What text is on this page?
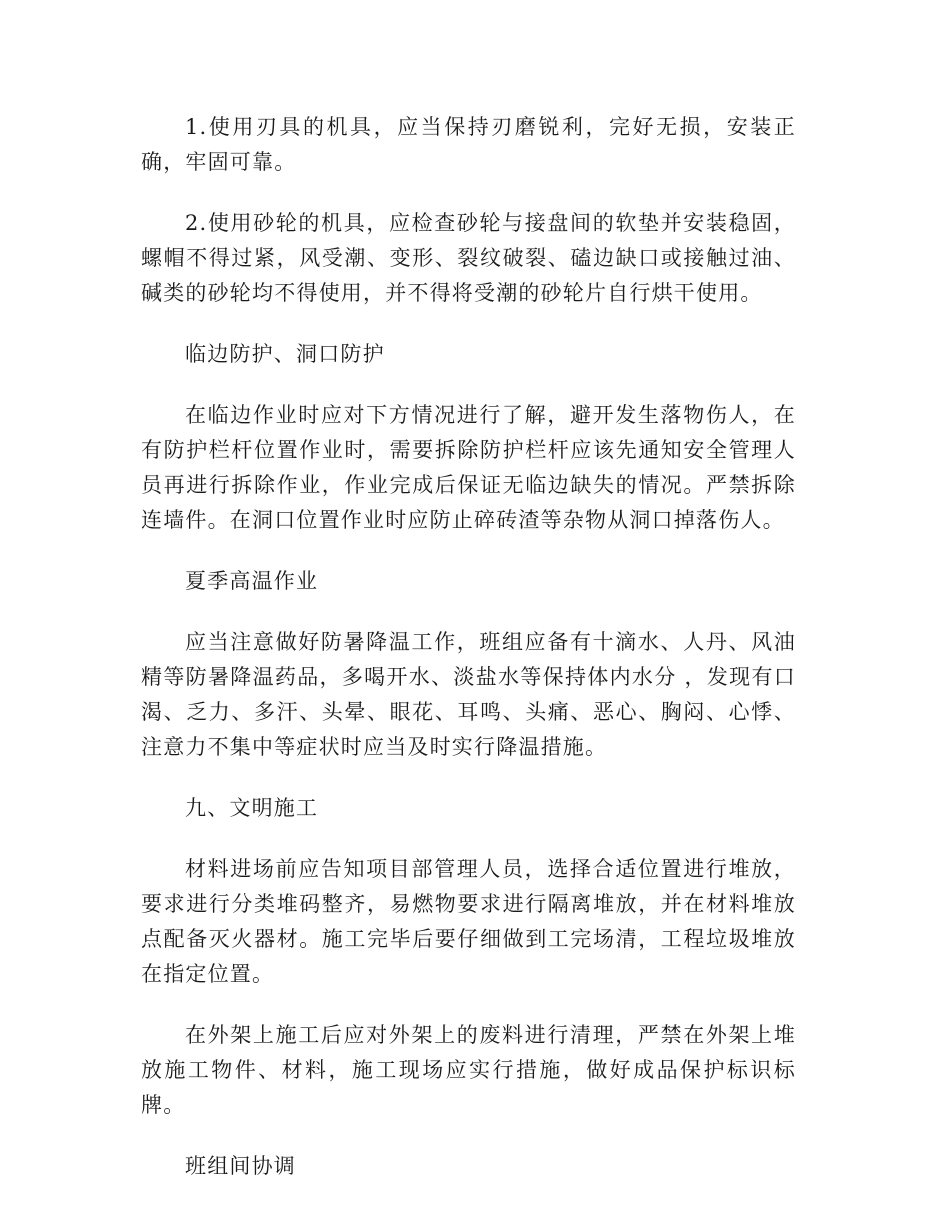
1.使用刃具的机具，应当保持刃磨锐利，完好无损，安装正确，牢固可靠。

2.使用砂轮的机具，应检查砂轮与接盘间的软垫并安装稳固，螺帽不得过紧，风受潮、变形、裂纹破裂、磕边缺口或接触过油、碱类的砂轮均不得使用，并不得将受潮的砂轮片自行烘干使用。

临边防护、洞口防护

在临边作业时应对下方情况进行了解，避开发生落物伤人，在有防护栏杆位置作业时，需要拆除防护栏杆应该先通知安全管理人员再进行拆除作业，作业完成后保证无临边缺失的情况。严禁拆除连墙件。在洞口位置作业时应防止碎砖渣等杂物从洞口掉落伤人。

夏季高温作业

应当注意做好防暑降温工作，班组应备有十滴水、人丹、风油精等防暑降温药品，多喝开水、淡盐水等保持体内水分 ，发现有口渴、乏力、多汗、头晕、眼花、耳鸣、头痛、恶心、胸闷、心悸、注意力不集中等症状时应当及时实行降温措施。

九、文明施工

材料进场前应告知项目部管理人员，选择合适位置进行堆放，要求进行分类堆码整齐，易燃物要求进行隔离堆放，并在材料堆放点配备灭火器材。施工完毕后要仔细做到工完场清，工程垃圾堆放在指定位置。

在外架上施工后应对外架上的废料进行清理，严禁在外架上堆放施工物件、材料，施工现场应实行措施，做好成品保护标识标牌。

班组间协调
